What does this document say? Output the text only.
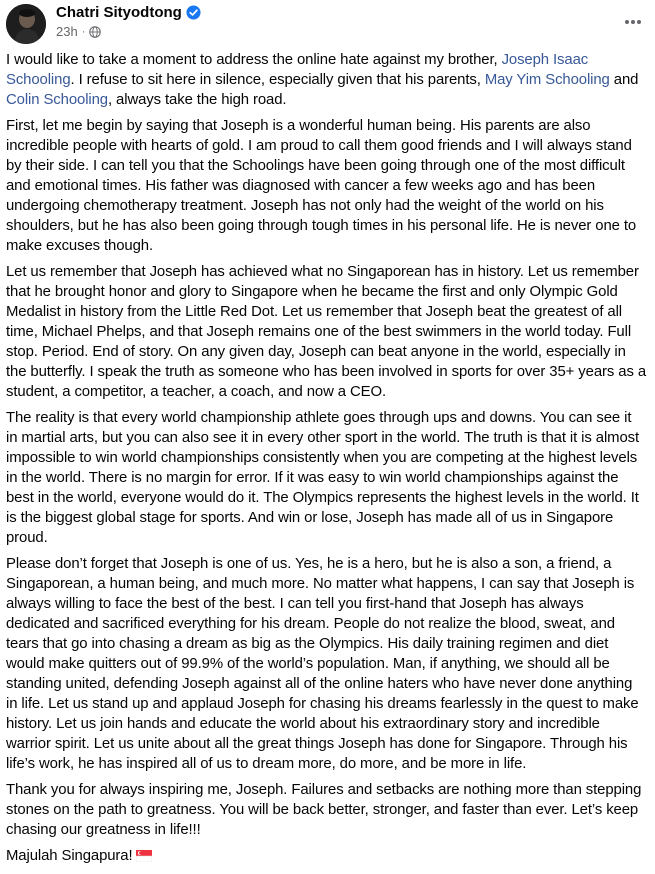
Chatri Sityodtong
23h ·

I would like to take a moment to address the online hate against my brother, Joseph Isaac Schooling. I refuse to sit here in silence, especially given that his parents, May Yim Schooling and Colin Schooling, always take the high road.

First, let me begin by saying that Joseph is a wonderful human being. His parents are also incredible people with hearts of gold. I am proud to call them good friends and I will always stand by their side. I can tell you that the Schoolings have been going through one of the most difficult and emotional times. His father was diagnosed with cancer a few weeks ago and has been undergoing chemotherapy treatment. Joseph has not only had the weight of the world on his shoulders, but he has also been going through tough times in his personal life. He is never one to make excuses though.

Let us remember that Joseph has achieved what no Singaporean has in history. Let us remember that he brought honor and glory to Singapore when he became the first and only Olympic Gold Medalist in history from the Little Red Dot. Let us remember that Joseph beat the greatest of all time, Michael Phelps, and that Joseph remains one of the best swimmers in the world today. Full stop. Period. End of story. On any given day, Joseph can beat anyone in the world, especially in the butterfly. I speak the truth as someone who has been involved in sports for over 35+ years as a student, a competitor, a teacher, a coach, and now a CEO.

The reality is that every world championship athlete goes through ups and downs. You can see it in martial arts, but you can also see it in every other sport in the world. The truth is that it is almost impossible to win world championships consistently when you are competing at the highest levels in the world. There is no margin for error. If it was easy to win world championships against the best in the world, everyone would do it. The Olympics represents the highest levels in the world. It is the biggest global stage for sports. And win or lose, Joseph has made all of us in Singapore proud.

Please don’t forget that Joseph is one of us. Yes, he is a hero, but he is also a son, a friend, a Singaporean, a human being, and much more. No matter what happens, I can say that Joseph is always willing to face the best of the best. I can tell you first-hand that Joseph has always dedicated and sacrificed everything for his dream. People do not realize the blood, sweat, and tears that go into chasing a dream as big as the Olympics. His daily training regimen and diet would make quitters out of 99.9% of the world’s population. Man, if anything, we should all be standing united, defending Joseph against all of the online haters who have never done anything in life. Let us stand up and applaud Joseph for chasing his dreams fearlessly in the quest to make history. Let us join hands and educate the world about his extraordinary story and incredible warrior spirit. Let us unite about all the great things Joseph has done for Singapore. Through his life’s work, he has inspired all of us to dream more, do more, and be more in life.

Thank you for always inspiring me, Joseph. Failures and setbacks are nothing more than stepping stones on the path to greatness. You will be back better, stronger, and faster than ever. Let’s keep chasing our greatness in life!!!

Majulah Singapura!
